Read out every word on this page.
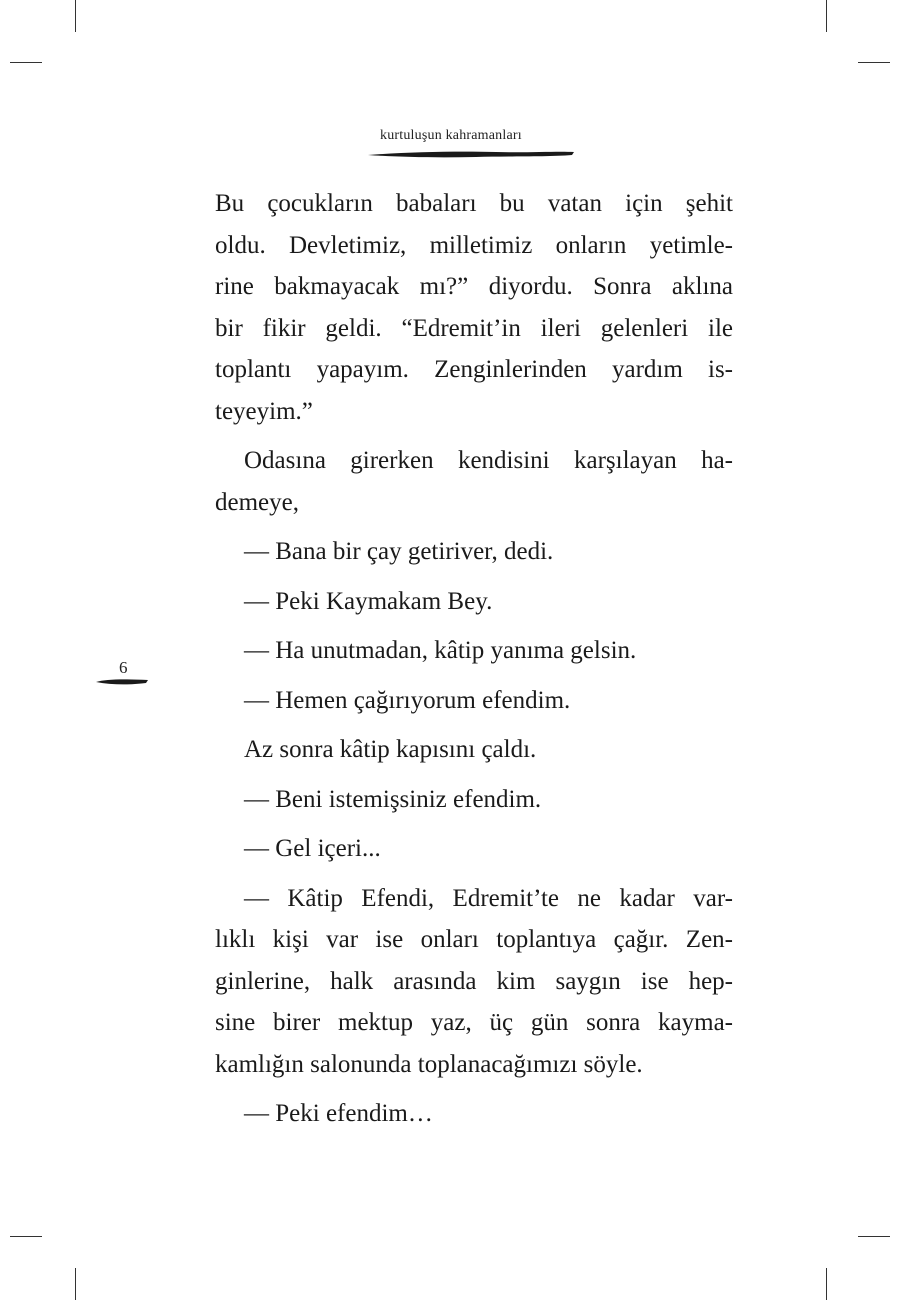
kurtuluşun kahramanları
6
Bu çocukların babaları bu vatan için şehit
oldu. Devletimiz, milletimiz onların yetimle-
rine bakmayacak mı?” diyordu. Sonra aklına
bir fikir geldi. “Edremit’in ileri gelenleri ile
toplantı yapayım. Zenginlerinden yardım is-
teyeyim.”
Odasına girerken kendisini karşılayan ha-
demeye,
— Bana bir çay getiriver, dedi.
— Peki Kaymakam Bey.
— Ha unutmadan, kâtip yanıma gelsin.
— Hemen çağırıyorum efendim.
Az sonra kâtip kapısını çaldı.
— Beni istemişsiniz efendim.
— Gel içeri...
— Kâtip Efendi, Edremit’te ne kadar var-
lıklı kişi var ise onları toplantıya çağır. Zen-
ginlerine, halk arasında kim saygın ise hep-
sine birer mektup yaz, üç gün sonra kayma-
kamlığın salonunda toplanacağımızı söyle.
— Peki efendim…
